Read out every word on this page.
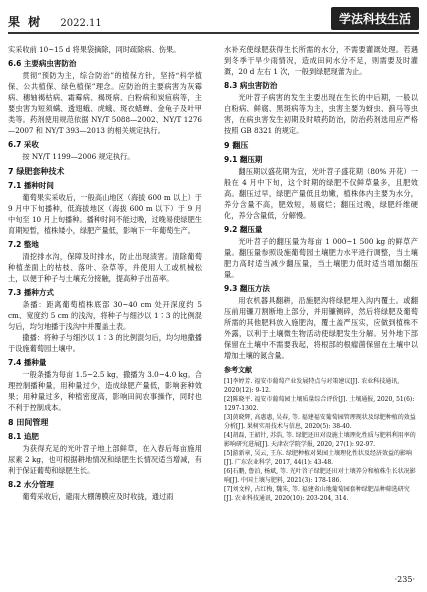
果 树 2022.11	学法科技生活

实采收前 10~15 d 将果袋摘除，同时疏除病、伤果。

6.6 主要病虫害防治

贯彻“预防为主，综合防治”的植保方针，坚持“科学植保、公共植保、绿色植保”理念。应防治的主要病害为灰霉病、穗轴褐枯病、霜霉病、褐斑病、白粉病和炭疽病等，主要虫害为短须螨、透翅蛾、虎蛾、斑衣蜡蝉、金龟子及叶甲类等。药剂使用规范依据 NY/T 5088—2002、NY/T 1276—2007 和 NY/T 393—2013 的相关规定执行。

6.7 采收

按 NY/T 1199—2006 规定执行。

7 绿肥套种技术
7.1 播种时间

葡萄果实采收后，一般高山地区（海拔 600 m 以上）于 9 月中下旬播种，低海拔地区（海拔 600 m 以下）于 9 月中旬至 10 月上旬播种。播种时间不能过晚，过晚易使绿肥生育期短暂，植株矮小，绿肥产量低，影响下一年葡萄生产。

7.2 整地

清挖排水沟，保障及时排水，防止出现渍害。清除葡萄种植垄面上的枯枝、落叶、杂草等，并使用人工或机械松土，以便于种子与土壤充分接触，提高种子出苗率。

7.3 播种方式

条播：距离葡萄植株底部 30~40 cm 处开深度约 5 cm、宽度约 5 cm 的浅沟，将种子与细沙以 1∶3 的比例混匀后，均匀地播于浅沟中并覆盖土表。

撒播：将种子与细沙以 1∶3 的比例混匀后，均匀地撒播于设施葡萄园土壤中。

7.4 播种量

一般条播为每亩 1.5~2.5 kg，撒播为 3.0~4.0 kg。合理控制播种量，用种量过少，造成绿肥产量低，影响套种效果；用种量过多，种植密度高，影响田间农事操作，同时也不利于控制成本。

8 田间管理
8.1 追肥

为获得充足的光叶苕子地上部鲜草，在入春后每亩施用尿素 2 kg，也可根据耕地情况和绿肥生长情况适当增减，有利于保证葡萄和绿肥生长。

8.2 水分管理

葡萄采收后，避雨大棚薄膜应及时收拢，通过雨

水补充使绿肥获得生长所需的水分，不需要灌溉处理。若遇到冬季干旱少雨情况，造成田间水分不足，则需要及时灌溉，20 d 左右 1 次，一般到绿肥现蕾为止。

8.3 病虫害防治

光叶苕子病害的发生主要出现在生长的中后期，一般以白粉病、鲜腐、黑斑病等为主，虫害主要为蚜虫、蓟马等虫害，在病虫害发生初期及时喷药防治，防治药剂选用应严格按照 GB 8321 的规定。

9 翻压
9.1 翻压期

翻压期以盛花期为宜，光叶苕子盛花期（80% 开花）一般在 4 月中下旬，这个时期的绿肥不仅鲜草量多，且肥效高。翻压过早，绿肥产量低且幼嫩，植株体内主要为水分，养分含量不高，肥效短，易腐烂；翻压过晚，绿肥纤维硬化，养分含量低，分解慢。

9.2 翻压量

光叶苕子的翻压量为每亩 1 000~1 500 kg 的鲜草产量。翻压量参照设施葡萄园土壤肥力水平进行调整，当土壤肥力高时适当减少翻压量，当土壤肥力低时适当增加翻压量。

9.3 翻压方法

用农机器具翻耕，沿施肥沟将绿肥埋入沟内覆土。或翻压前用镰刀割断地上部分，并用镰铡碎，然后将绿肥及葡萄所需的其他肥料放入施肥沟，覆土盖严压实，应做到植株不外露，以利于土壤微生物活动使绿肥发生分解。另外地下部保留在土壤中不需要我起，将根部的根瘤菌保留在土壤中以增加土壤的氮含量。

参考文献
[1]李婷芳. 福安市葡萄产业发展特点与对策建议[J]. 农业科技通讯, 2020(12): 9-12.
[2]陈晓平. 福安市葡萄园土壤质量综合评价[J]. 土壤通报, 2020, 51(6): 1297-1302.
[3]黄晓辉, 高惠惠, 吴春, 等. 福建福安葡萄园管理现状及绿肥种植的效益分析[J]. 果树实用技术与信息, 2020(5): 38-40.
[4]胡磊, 王韶针, 苏浩, 等. 绿肥还田对设施土壤理化性质与肥料利用率的影响研究进展[J]. 天津农学院学报, 2020, 27(1): 92-97.
[5]游新章, 吴云, 王东. 绿肥种植对果园土壤理化性状及经济效益的影响[J]. 广东农业科学, 2017, 44(1): 43-48.
[6]石鹏, 鲁泊, 杨斌, 等. 光叶苕子绿肥还田对土壤养分和植株生长状况影响[J]. 中国土壤与肥料, 2021(3): 178-186.
[7]刘文梓, 占红梅, 魏朱, 等. 福建省山地葡萄园套种绿肥品种筛选研究[J]. 农业科技通讯, 2020(10): 203-204, 314.
·235·
